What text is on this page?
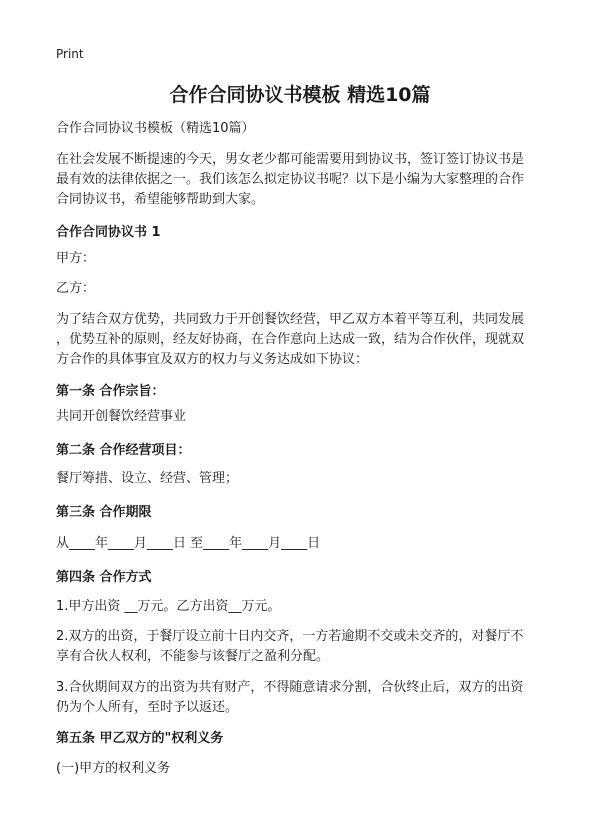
Print
合作合同协议书模板 精选10篇
合作合同协议书模板（精选10篇）
在社会发展不断提速的今天，男女老少都可能需要用到协议书，签订签订协议书是
最有效的法律依据之一。我们该怎么拟定协议书呢？以下是小编为大家整理的合作
合同协议书，希望能够帮助到大家。
合作合同协议书 1
甲方：
乙方：
为了结合双方优势，共同致力于开创餐饮经营，甲乙双方本着平等互利，共同发展
，优势互补的原则，经友好协商，在合作意向上达成一致，结为合作伙伴，现就双
方合作的具体事宜及双方的权力与义务达成如下协议：
第一条 合作宗旨：
共同开创餐饮经营事业
第二条 合作经营项目：
餐厅筹措、设立、经营、管理；
第三条 合作期限
从____年____月____日 至____年____月____日
第四条 合作方式
1.甲方出资 __万元。乙方出资__万元。
2.双方的出资，于餐厅设立前十日内交齐，一方若逾期不交或未交齐的，对餐厅不
享有合伙人权利，不能参与该餐厅之盈利分配。
3.合伙期间双方的出资为共有财产，不得随意请求分割，合伙终止后，双方的出资
仍为个人所有，至时予以返还。
第五条 甲乙双方的"权利义务
(一)甲方的权利义务
